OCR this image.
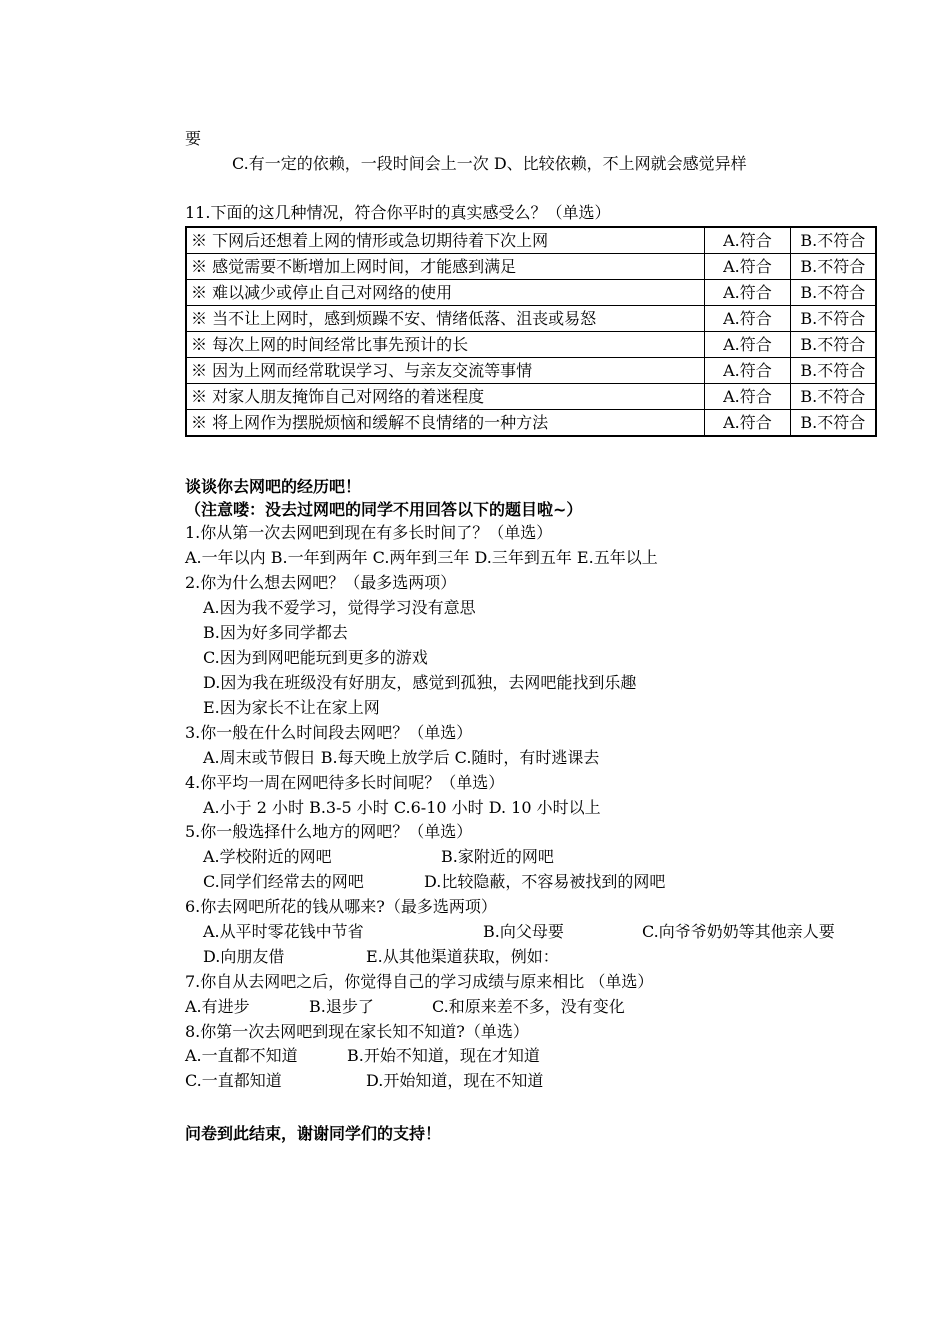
要
C.有一定的依赖，一段时间会上一次 D、比较依赖，不上网就会感觉异样
11.下面的这几种情况，符合你平时的真实感受么？（单选）
※ 下网后还想着上网的情形或急切期待着下次上网	A.符合	B.不符合
※ 感觉需要不断增加上网时间，才能感到满足	A.符合	B.不符合
※ 难以减少或停止自己对网络的使用	A.符合	B.不符合
※ 当不让上网时，感到烦躁不安、情绪低落、沮丧或易怒	A.符合	B.不符合
※ 每次上网的时间经常比事先预计的长	A.符合	B.不符合
※ 因为上网而经常耽误学习、与亲友交流等事情	A.符合	B.不符合
※ 对家人朋友掩饰自己对网络的着迷程度	A.符合	B.不符合
※ 将上网作为摆脱烦恼和缓解不良情绪的一种方法	A.符合	B.不符合
谈谈你去网吧的经历吧！
（注意喽：没去过网吧的同学不用回答以下的题目啦~）
1.你从第一次去网吧到现在有多长时间了？（单选）
A.一年以内 B.一年到两年 C.两年到三年 D.三年到五年 E.五年以上
2.你为什么想去网吧？（最多选两项）
A.因为我不爱学习，觉得学习没有意思
B.因为好多同学都去
C.因为到网吧能玩到更多的游戏
D.因为我在班级没有好朋友，感觉到孤独，去网吧能找到乐趣
E.因为家长不让在家上网
3.你一般在什么时间段去网吧？（单选）
A.周末或节假日 B.每天晚上放学后 C.随时，有时逃课去
4.你平均一周在网吧待多长时间呢？（单选）
A.小于 2 小时 B.3-5 小时 C.6-10 小时 D. 10 小时以上
5.你一般选择什么地方的网吧？（单选）
A.学校附近的网吧	B.家附近的网吧
C.同学们经常去的网吧	D.比较隐蔽，不容易被找到的网吧
6.你去网吧所花的钱从哪来?（最多选两项）
A.从平时零花钱中节省	B.向父母要	C.向爷爷奶奶等其他亲人要
D.向朋友借	E.从其他渠道获取，例如：
7.你自从去网吧之后，你觉得自己的学习成绩与原来相比 （单选）
A.有进步	B.退步了	C.和原来差不多，没有变化
8.你第一次去网吧到现在家长知不知道?（单选）
A.一直都不知道	B.开始不知道，现在才知道
C.一直都知道	D.开始知道，现在不知道
问卷到此结束，谢谢同学们的支持！
